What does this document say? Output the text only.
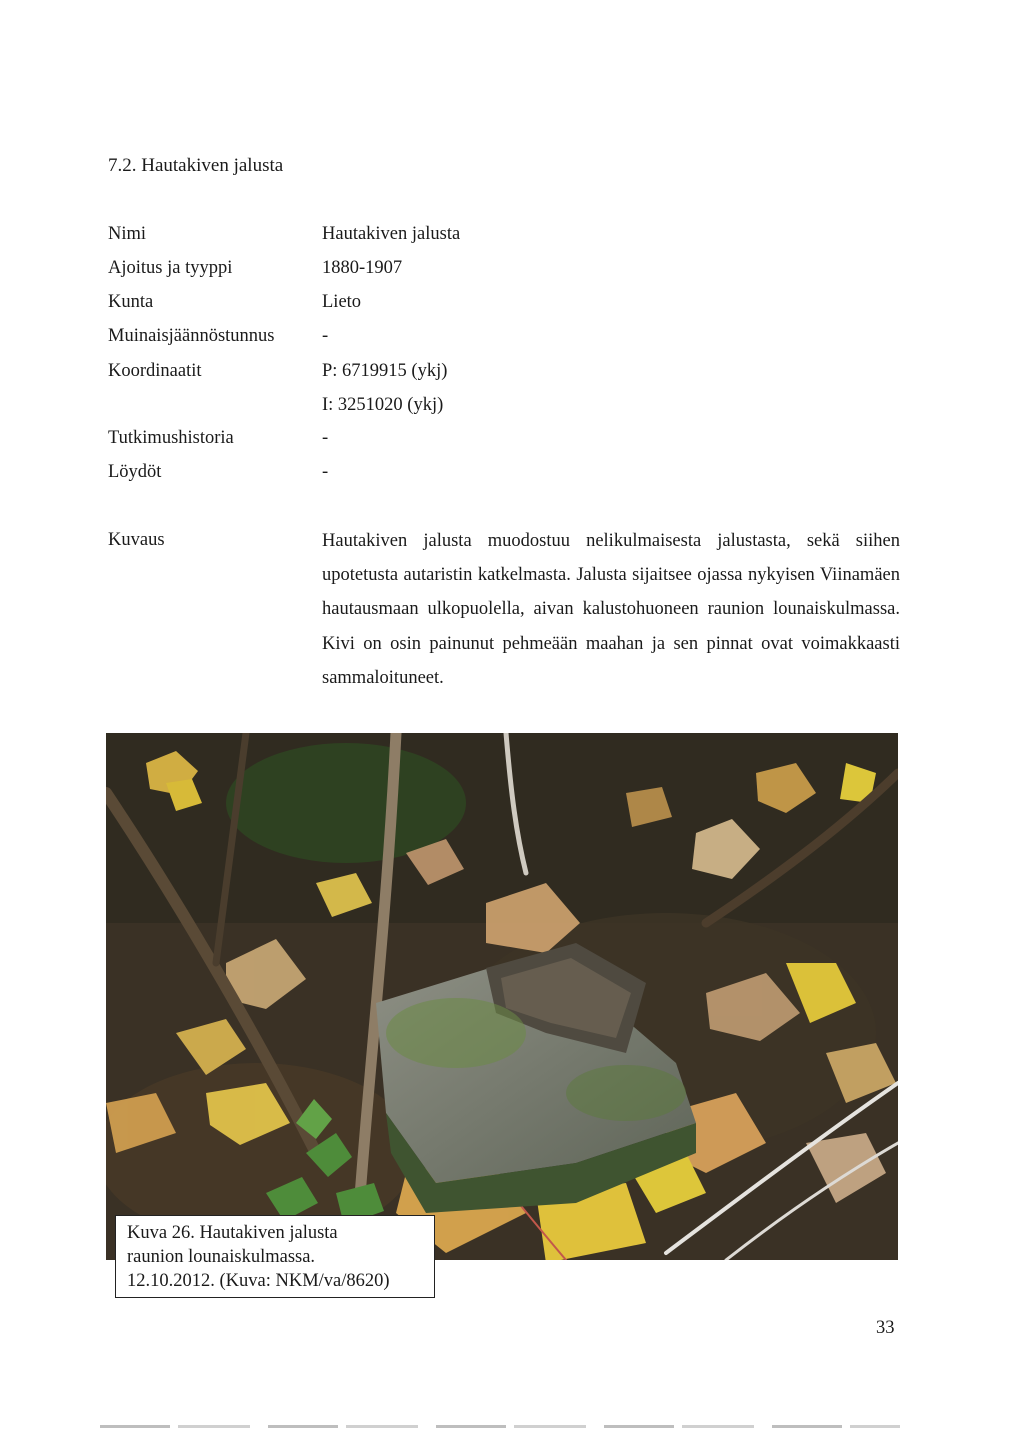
7.2. Hautakiven jalusta
Nimi	Hautakiven jalusta
Ajoitus ja tyyppi	1880-1907
Kunta	Lieto
Muinaisjäännöstunnus	-
Koordinaatit	P: 6719915 (ykj)
I: 3251020 (ykj)
Tutkimushistoria	-
Löydöt	-
Kuvaus	Hautakiven jalusta muodostuu nelikulmaisesta jalustasta, sekä siihen upotetusta autaristin katkelmasta. Jalusta sijaitsee ojassa nykyisen Viinamäen hautausmaan ulkopuolella, aivan kalustohuoneen raunion lounaiskulmassa. Kivi on osin painunut pehmeään maahan ja sen pinnat ovat voimakkaasti sammaloituneet.
Kuva 26. Hautakiven jalusta
raunion lounaiskulmassa.
12.10.2012. (Kuva: NKM/va/8620)
33
